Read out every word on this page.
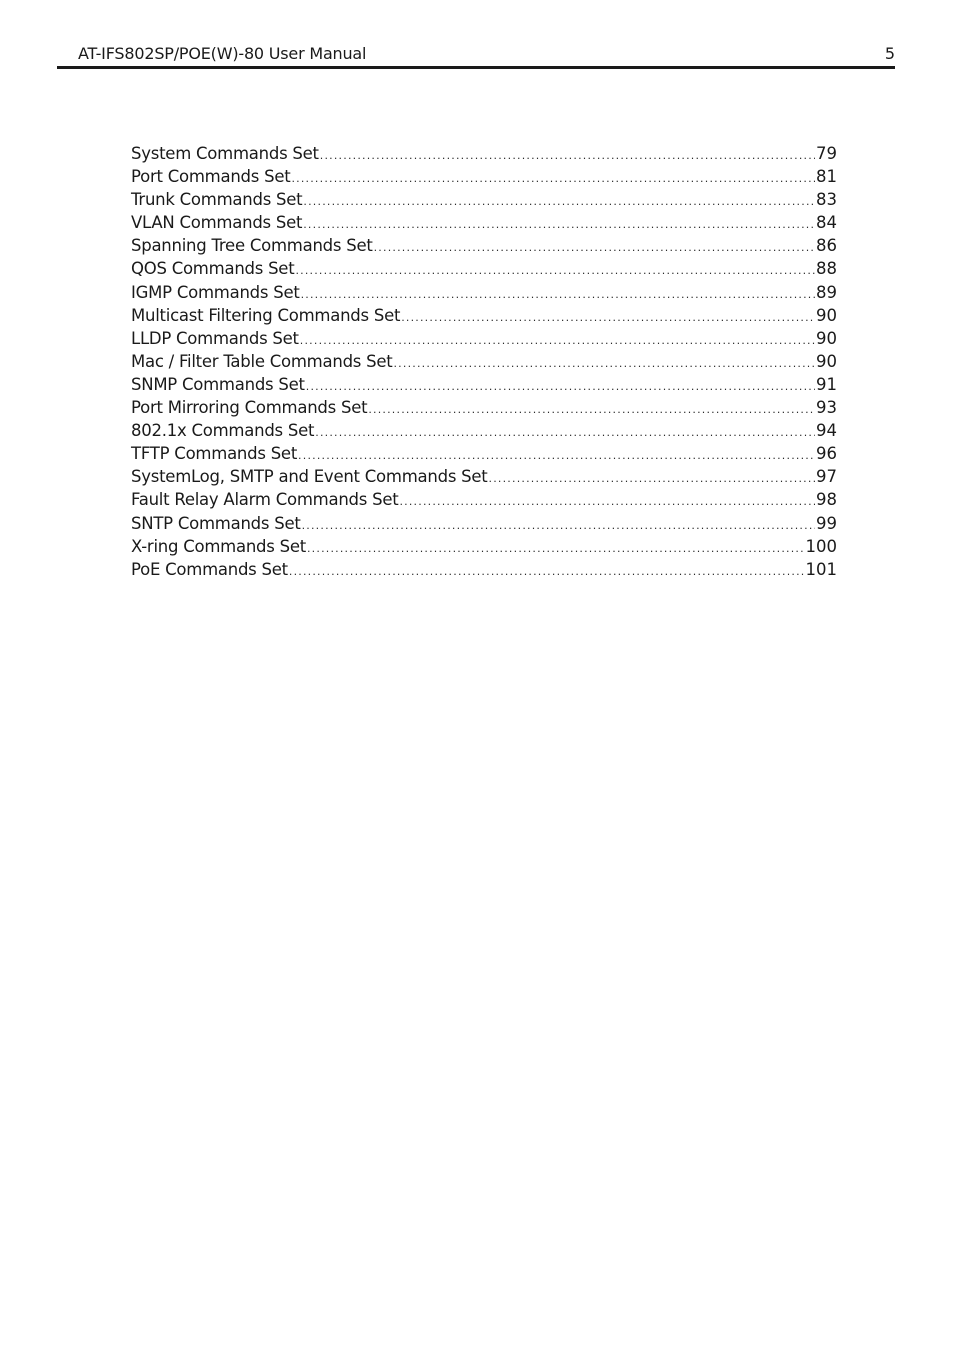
AT-IFS802SP/POE(W)-80 User Manual	5
System Commands Set .....	79
Port Commands Set .....	81
Trunk Commands Set .....	83
VLAN Commands Set .....	84
Spanning Tree Commands Set .....	86
QOS Commands Set .....	88
IGMP Commands Set .....	89
Multicast Filtering Commands Set .....	90
LLDP Commands Set .....	90
Mac / Filter Table Commands Set .....	90
SNMP Commands Set .....	91
Port Mirroring Commands Set .....	93
802.1x Commands Set .....	94
TFTP Commands Set .....	96
SystemLog, SMTP and Event Commands Set .....	97
Fault Relay Alarm Commands Set .....	98
SNTP Commands Set .....	99
X-ring Commands Set .....	100
PoE Commands Set .....	101
